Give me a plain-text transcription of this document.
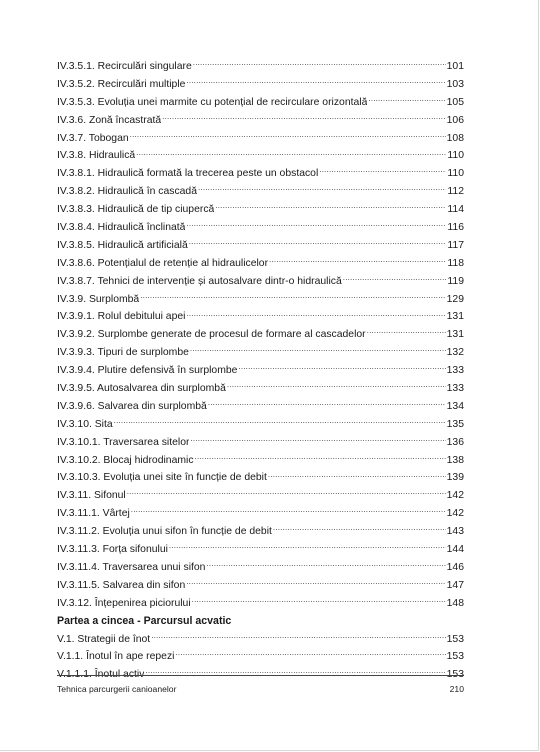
IV.3.5.1. Recirculări singulare .....	101
IV.3.5.2. Recirculări multiple .....	103
IV.3.5.3. Evoluția unei marmite cu potențial de recirculare orizontală .....	105
IV.3.6. Zonă încastrată .....	106
IV.3.7. Tobogan .....	108
IV.3.8. Hidraulică .....	110
IV.3.8.1. Hidraulică formată la trecerea peste un obstacol .....	110
IV.3.8.2. Hidraulică în cascadă .....	112
IV.3.8.3. Hidraulică de tip ciupercă .....	114
IV.3.8.4. Hidraulică înclinată .....	116
IV.3.8.5. Hidraulică artificială .....	117
IV.3.8.6. Potențialul de retenție al hidraulicelor .....	118
IV.3.8.7. Tehnici de intervenție și autosalvare dintr-o hidraulică .....	119
IV.3.9. Surplombă .....	129
IV.3.9.1. Rolul debitului apei .....	131
IV.3.9.2. Surplombe generate de procesul de formare al cascadelor .....	131
IV.3.9.3. Tipuri de surplombe .....	132
IV.3.9.4. Plutire defensivă în surplombe .....	133
IV.3.9.5. Autosalvarea din surplombă .....	133
IV.3.9.6. Salvarea din surplombă .....	134
IV.3.10. Sita .....	135
IV.3.10.1. Traversarea sitelor .....	136
IV.3.10.2. Blocaj hidrodinamic .....	138
IV.3.10.3. Evoluția unei site în funcție de debit .....	139
IV.3.11. Sifonul .....	142
IV.3.11.1. Vârtej .....	142
IV.3.11.2. Evoluția unui sifon în funcție de debit .....	143
IV.3.11.3. Forța sifonului .....	144
IV.3.11.4. Traversarea unui sifon .....	146
IV.3.11.5. Salvarea din sifon .....	147
IV.3.12. Înțepenirea piciorului .....	148
Partea a cincea - Parcursul acvatic
V.1. Strategii de înot .....	153
V.1.1. Înotul în ape repezi .....	153
V.1.1.1. Înotul activ .....	153
Tehnica parcurgerii canioanelor	210
